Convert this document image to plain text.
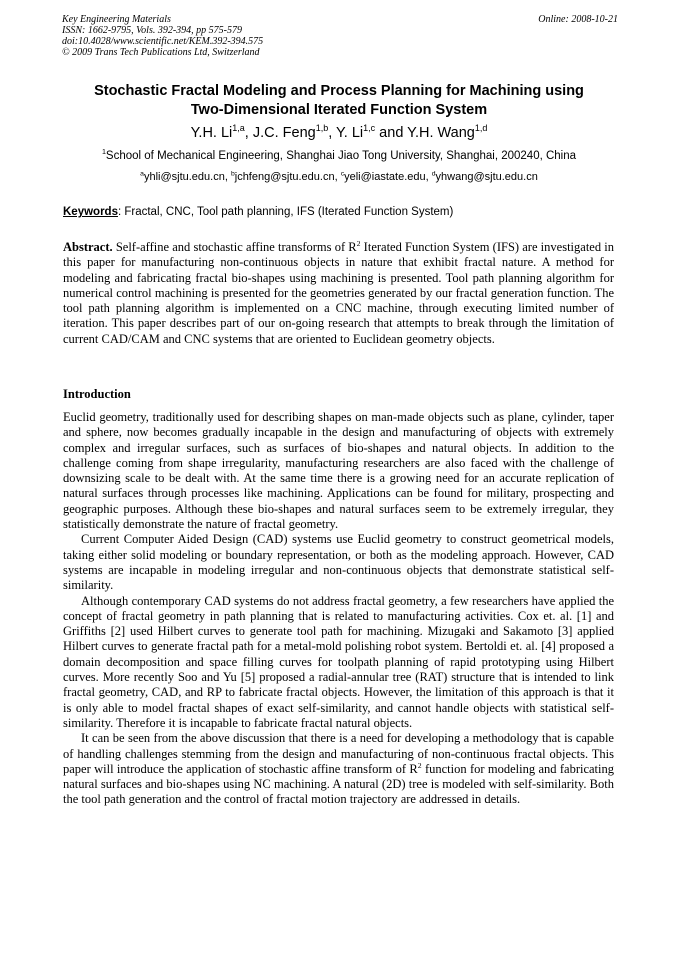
Key Engineering Materials
ISSN: 1662-9795, Vols. 392-394, pp 575-579
doi:10.4028/www.scientific.net/KEM.392-394.575
© 2009 Trans Tech Publications Ltd, Switzerland
Online: 2008-10-21
Stochastic Fractal Modeling and Process Planning for Machining using
Two-Dimensional Iterated Function System
Y.H. Li$^{1,a}$, J.C. Feng$^{1,b}$, Y. Li$^{1,c}$ and Y.H. Wang$^{1,d}$
$^1$School of Mechanical Engineering, Shanghai Jiao Tong University, Shanghai, 200240, China
$^a$yhli@sjtu.edu.cn, $^b$jchfeng@sjtu.edu.cn, $^c$yeli@iastate.edu, $^d$yhwang@sjtu.edu.cn
Keywords: Fractal, CNC, Tool path planning, IFS (Iterated Function System)

Abstract. Self-affine and stochastic affine transforms of $R^2$ Iterated Function System (IFS) are investigated in this paper for manufacturing non-continuous objects in nature that exhibit fractal nature. A method for modeling and fabricating fractal bio-shapes using machining is presented. Tool path planning algorithm for numerical control machining is presented for the geometries generated by our fractal generation function. The tool path planning algorithm is implemented on a CNC machine, through executing limited number of iteration. This paper describes part of our on-going research that attempts to break through the limitation of current CAD/CAM and CNC systems that are oriented to Euclidean geometry objects.

Introduction

Euclid geometry, traditionally used for describing shapes on man-made objects such as plane, cylinder, taper and sphere, now becomes gradually incapable in the design and manufacturing of objects with extremely complex and irregular surfaces, such as surfaces of bio-shapes and natural objects. In addition to the challenge coming from shape irregularity, manufacturing researchers are also faced with the challenge of downsizing scale to be dealt with. At the same time there is a growing need for an accurate replication of natural surfaces through processes like machining. Applications can be found for military, prospecting and geographic purposes. Although these bio-shapes and natural surfaces seem to be extremely irregular, they statistically demonstrate the nature of fractal geometry.

Current Computer Aided Design (CAD) systems use Euclid geometry to construct geometrical models, taking either solid modeling or boundary representation, or both as the modeling approach. However, CAD systems are incapable in modeling irregular and non-continuous objects that demonstrate statistical self-similarity.

Although contemporary CAD systems do not address fractal geometry, a few researchers have applied the concept of fractal geometry in path planning that is related to manufacturing activities. Cox et. al. [1] and Griffiths [2] used Hilbert curves to generate tool path for machining. Mizugaki and Sakamoto [3] applied Hilbert curves to generate fractal path for a metal-mold polishing robot system. Bertoldi et. al. [4] proposed a domain decomposition and space filling curves for toolpath planning of rapid prototyping using Hilbert curves. More recently Soo and Yu [5] proposed a radial-annular tree (RAT) structure that is intended to link fractal geometry, CAD, and RP to fabricate fractal objects. However, the limitation of this approach is that it is only able to model fractal shapes of exact self-similarity, and cannot handle objects with statistical self-similarity. Therefore it is incapable to fabricate fractal natural objects.

It can be seen from the above discussion that there is a need for developing a methodology that is capable of handling challenges stemming from the design and manufacturing of non-continuous fractal objects. This paper will introduce the application of stochastic affine transform of $R^2$ function for modeling and fabricating natural surfaces and bio-shapes using NC machining. A natural (2D) tree is modeled with self-similarity. Both the tool path generation and the control of fractal motion trajectory are addressed in details.
